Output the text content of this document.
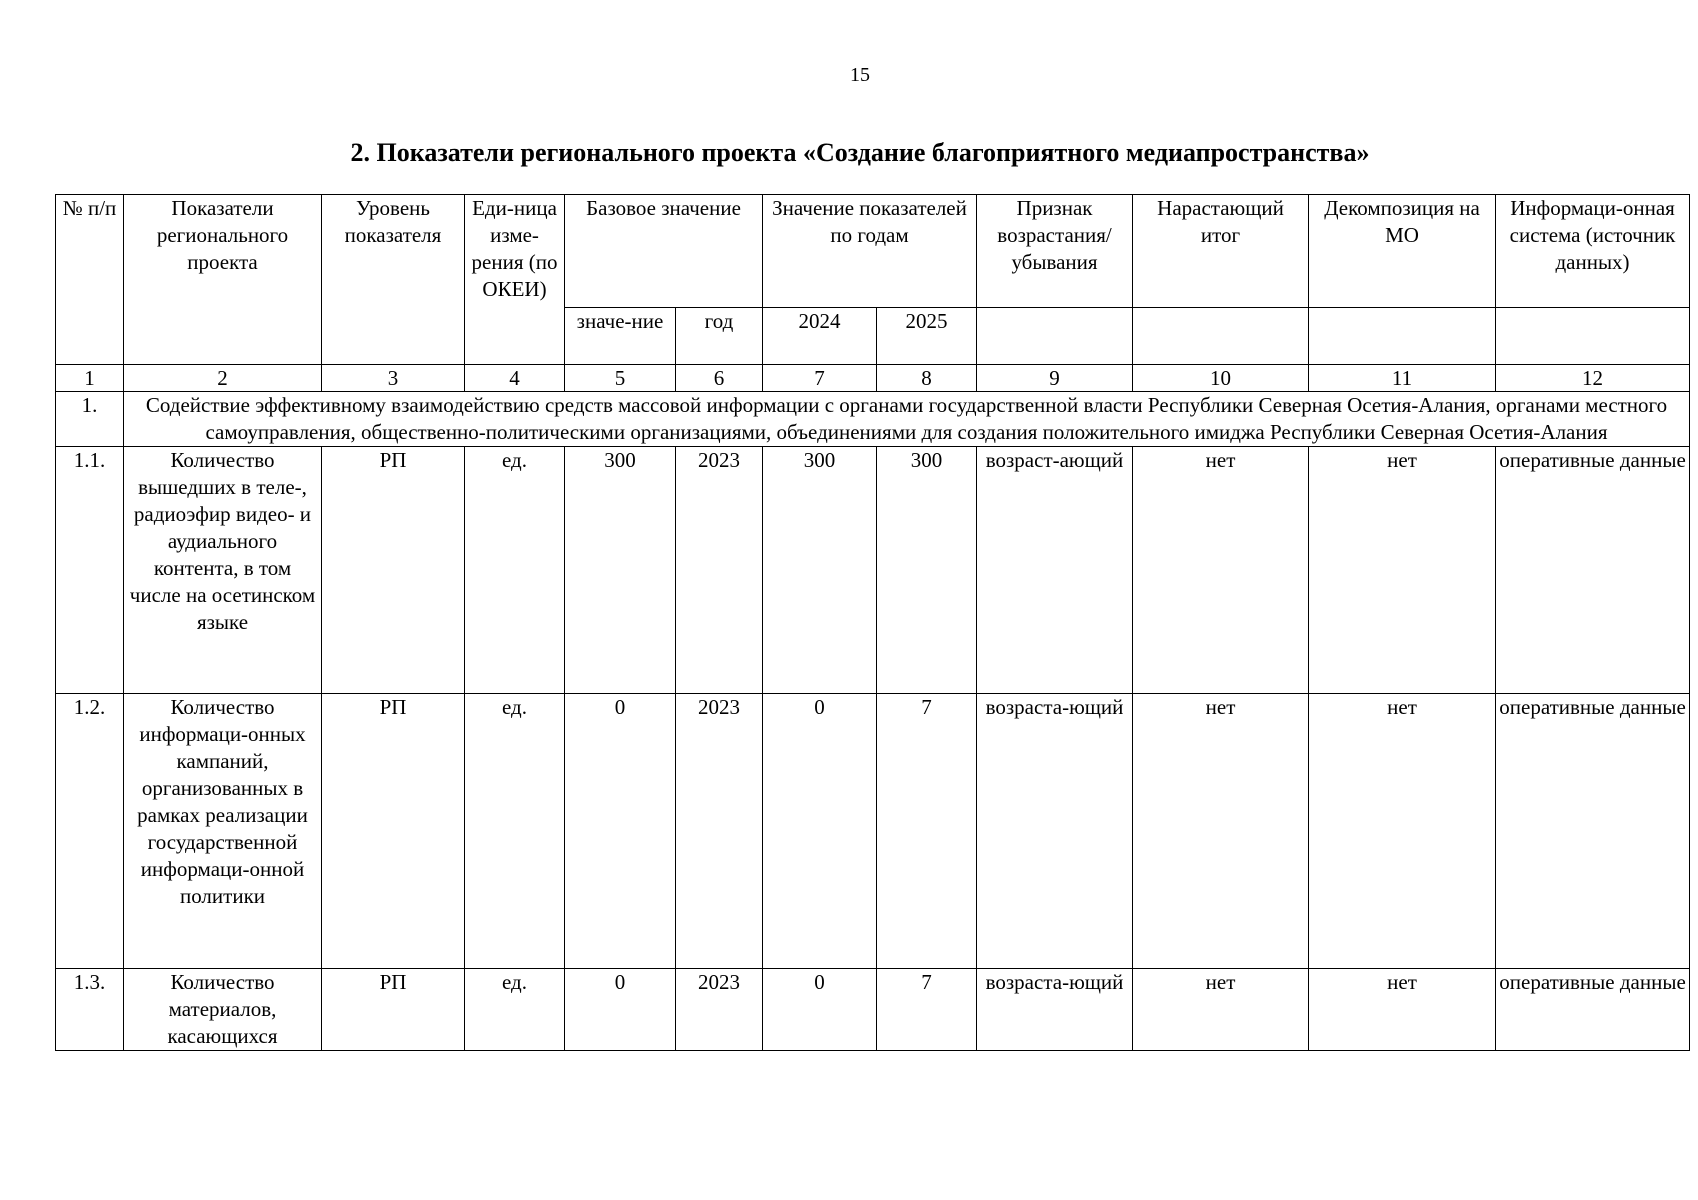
15
2. Показатели регионального проекта «Создание благоприятного медиапространства»
№ п/п	Показатели регионального проекта	Уровень показателя	Еди-ница изме-рения (по ОКЕИ)	Базовое значение		Значение показателей по годам		Признак возрастания/ убывания	Нарастающий итог	Декомпозиция на МО	Информаци-онная система (источник данных)
				значе-ние	год	2024	2025				
1	2	3	4	5	6	7	8	9	10	11	12
1.	Содействие эффективному взаимодействию средств массовой информации с органами государственной власти Республики Северная Осетия-Алания, органами местного самоуправления, общественно-политическими организациями, объединениями для создания положительного имиджа Республики Северная Осетия-Алания										
1.1.	Количество вышедших в теле-, радиоэфир видео- и аудиального контента, в том числе на осетинском языке	РП	ед.	300	2023	300	300	возраст-ающий	нет	нет	оперативные данные
1.2.	Количество информаци-онных кампаний, организованных в рамках реализации государственной информаци-онной политики	РП	ед.	0	2023	0	7	возраста-ющий	нет	нет	оперативные данные
1.3.	Количество материалов, касающихся	РП	ед.	0	2023	0	7	возраста-ющий	нет	нет	оперативные данные
